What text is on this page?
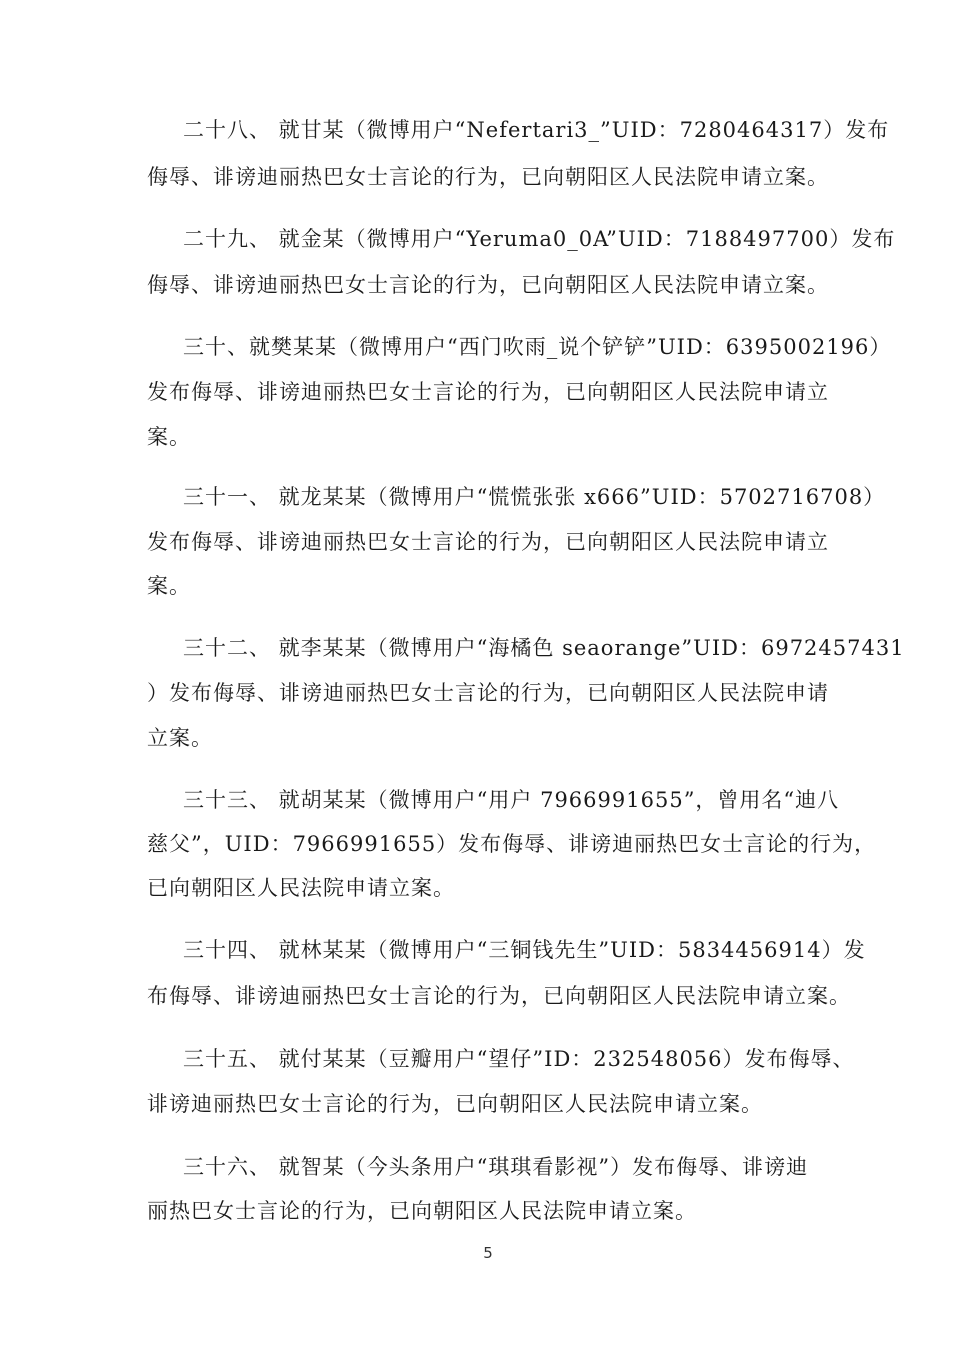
二十八、 就甘某（微博用户“Nefertari3_”UID：7280464317）发布
侮辱、诽谤迪丽热巴女士言论的行为，已向朝阳区人民法院申请立案。
二十九、 就金某（微博用户“Yeruma0_0A”UID：7188497700）发布
侮辱、诽谤迪丽热巴女士言论的行为，已向朝阳区人民法院申请立案。
三十、就樊某某（微博用户“西门吹雨_说个铲铲”UID：6395002196）
发布侮辱、诽谤迪丽热巴女士言论的行为，已向朝阳区人民法院申请立
案。
三十一、 就龙某某（微博用户“慌慌张张 x666”UID：5702716708）
发布侮辱、诽谤迪丽热巴女士言论的行为，已向朝阳区人民法院申请立
案。
三十二、 就李某某（微博用户“海橘色 seaorange”UID：6972457431
）发布侮辱、诽谤迪丽热巴女士言论的行为，已向朝阳区人民法院申请
立案。
三十三、 就胡某某（微博用户“用户 7966991655”，曾用名“迪八
慈父”，UID：7966991655）发布侮辱、诽谤迪丽热巴女士言论的行为，
已向朝阳区人民法院申请立案。
三十四、 就林某某（微博用户“三铜钱先生”UID：5834456914）发
布侮辱、诽谤迪丽热巴女士言论的行为，已向朝阳区人民法院申请立案。
三十五、 就付某某（豆瓣用户“望仔”ID：232548056）发布侮辱、
诽谤迪丽热巴女士言论的行为，已向朝阳区人民法院申请立案。
三十六、 就智某（今头条用户“琪琪看影视”）发布侮辱、诽谤迪
丽热巴女士言论的行为，已向朝阳区人民法院申请立案。
5
